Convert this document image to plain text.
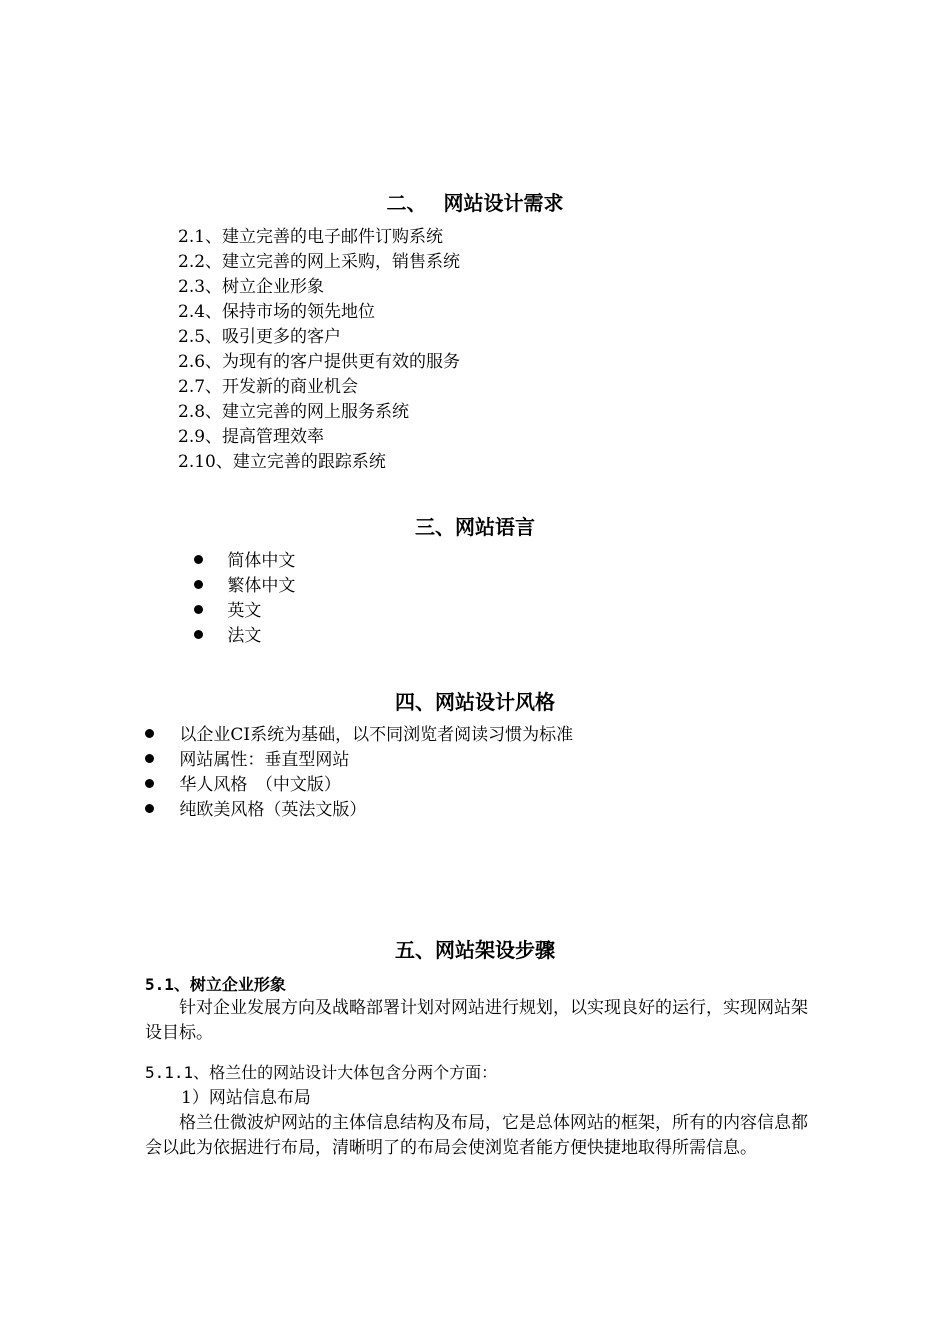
二、　 网站设计需求
2.1、建立完善的电子邮件订购系统
2.2、建立完善的网上采购，销售系统
2.3、树立企业形象
2.4、保持市场的领先地位
2.5、吸引更多的客户
2.6、为现有的客户提供更有效的服务
2.7、开发新的商业机会
2.8、建立完善的网上服务系统
2.9、提高管理效率
2.10、建立完善的跟踪系统
三、网站语言
简体中文
繁体中文
英文
法文
四、网站设计风格
以企业CI系统为基础，以不同浏览者阅读习惯为标准
网站属性：垂直型网站
华人风格　（中文版）
纯欧美风格（英法文版）
五、网站架设步骤
5.1、树立企业形象
　　针对企业发展方向及战略部署计划对网站进行规划，以实现良好的运行，实现网站架设目标。
5.1.1、格兰仕的网站设计大体包含分两个方面：
1）网站信息布局
　　格兰仕微波炉网站的主体信息结构及布局，它是总体网站的框架，所有的内容信息都会以此为依据进行布局，清晰明了的布局会使浏览者能方便快捷地取得所需信息。
